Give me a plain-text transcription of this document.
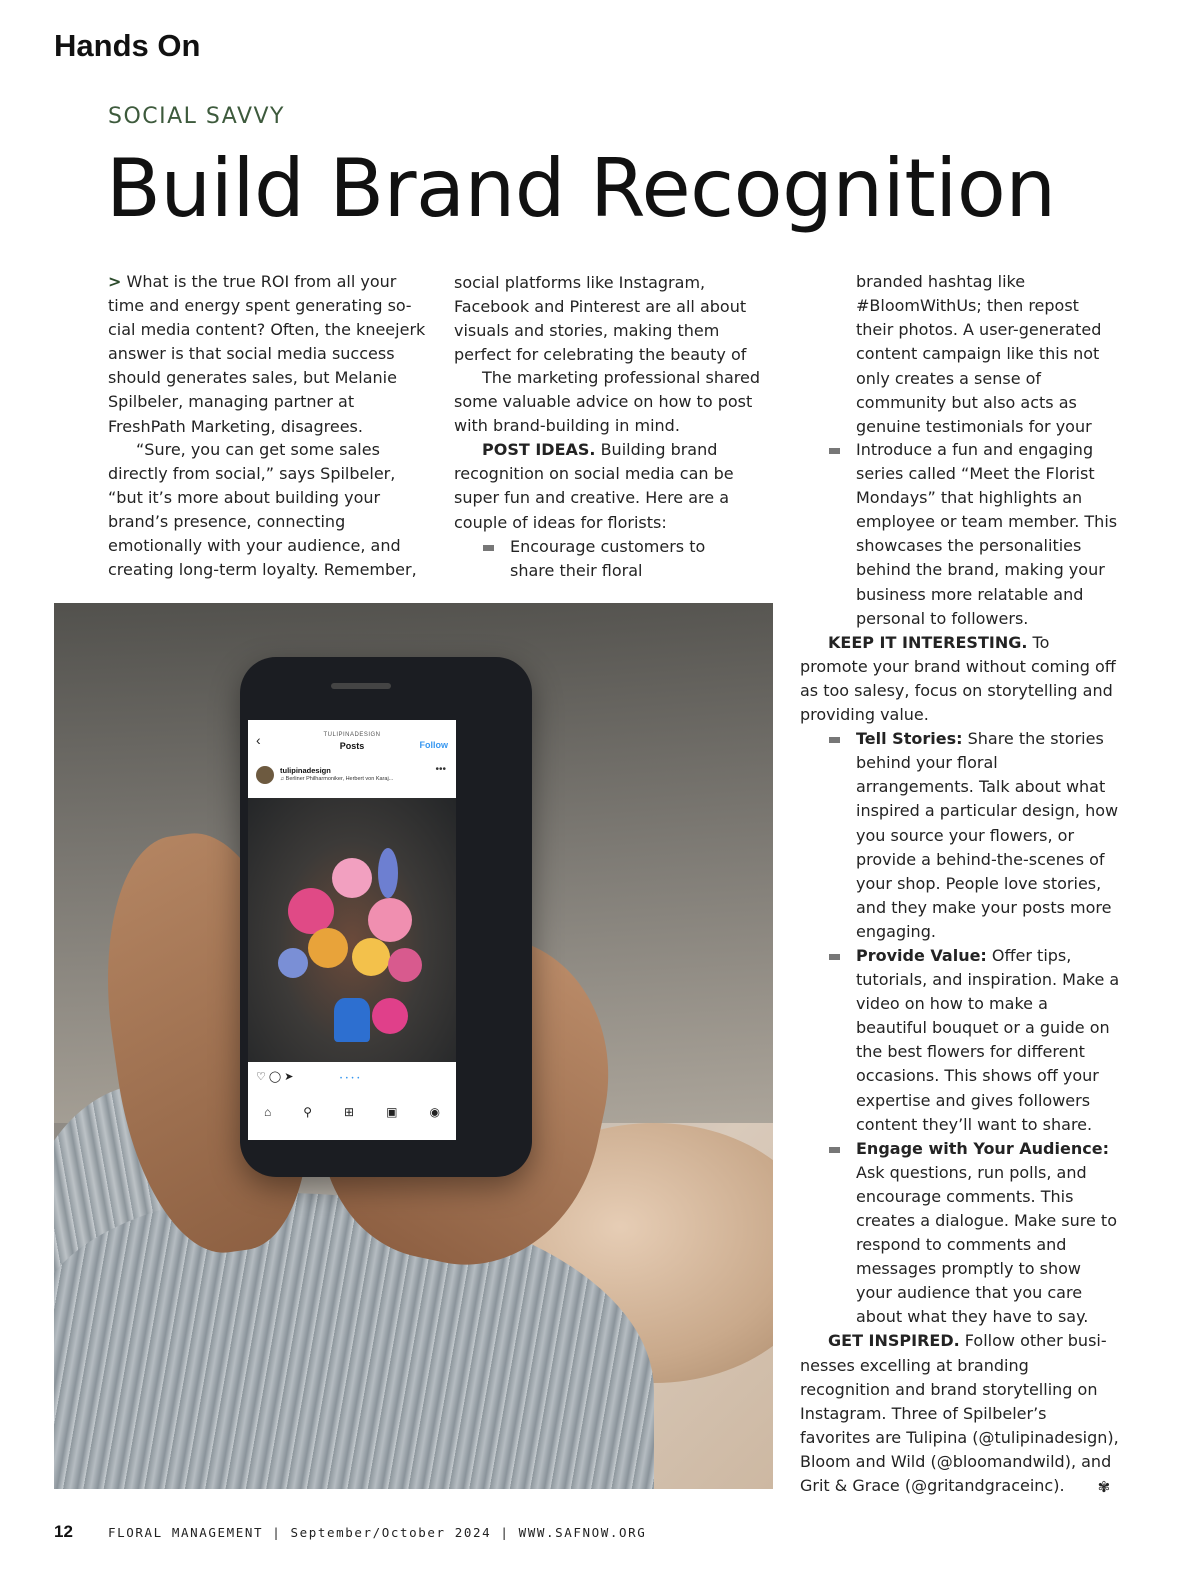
Hands On
SOCIAL SAVVY
Build Brand Recognition

> What is the true ROI from all your time and energy spent generating social media content? Often, the kneejerk answer is that social media success should generates sales, but Melanie Spilbeler, managing partner at FreshPath Marketing, disagrees.

“Sure, you can get some sales directly from social,” says Spilbeler, “but it’s more about building your brand’s presence, connecting emotionally with your audience, and creating long-term loyalty. Remember,

social platforms like Instagram, Facebook and Pinterest are all about visuals and stories, making them perfect for celebrating the beauty of

The marketing professional shared some valuable advice on how to post with brand-building in mind.

POST IDEAS. Building brand recognition on social media can be super fun and creative. Here are a couple of ideas for florists:

Encourage customers to share their floral
branded hashtag like #BloomWithUs; then repost their photos. A user-generated content campaign like this not only creates a sense of community but also acts as genuine testimonials for your
Introduce a fun and engaging series called “Meet the Florist Mondays” that highlights an employee or team member. This showcases the personalities behind the brand, making your business more relatable and personal to followers.

KEEP IT INTERESTING. To promote your brand without coming off as too salesy, focus on storytelling and providing value.

Tell Stories: Share the stories behind your floral arrangements. Talk about what inspired a particular design, how you source your flowers, or provide a behind-the-scenes of your shop. People love stories, and they make your posts more engaging.
Provide Value: Offer tips, tutorials, and inspiration. Make a video on how to make a beautiful bouquet or a guide on the best flowers for different occasions. This shows off your expertise and gives followers content they’ll want to share.
Engage with Your Audience: Ask questions, run polls, and encourage comments. This creates a dialogue. Make sure to respond to comments and messages promptly to show your audience that you care about what they have to say.

GET INSPIRED. Follow other businesses excelling at branding recognition and brand storytelling on Instagram. Three of Spilbeler’s favorites are Tulipina (@tulipinadesign), Bloom and Wild (@bloomandwild), and Grit & Grace (@gritandgraceinc). ✾

‹	TULIPINADESIGN
Posts	Follow
tulipinadesign
♫ Berliner Philharmoniker, Herbert von Karaj...
•••
♡ ◯ ➤	• • • •
⌂	⚲	⊞	▣	◉
12	FLORAL MANAGEMENT | September/October 2024 | WWW.SAFNOW.ORG
